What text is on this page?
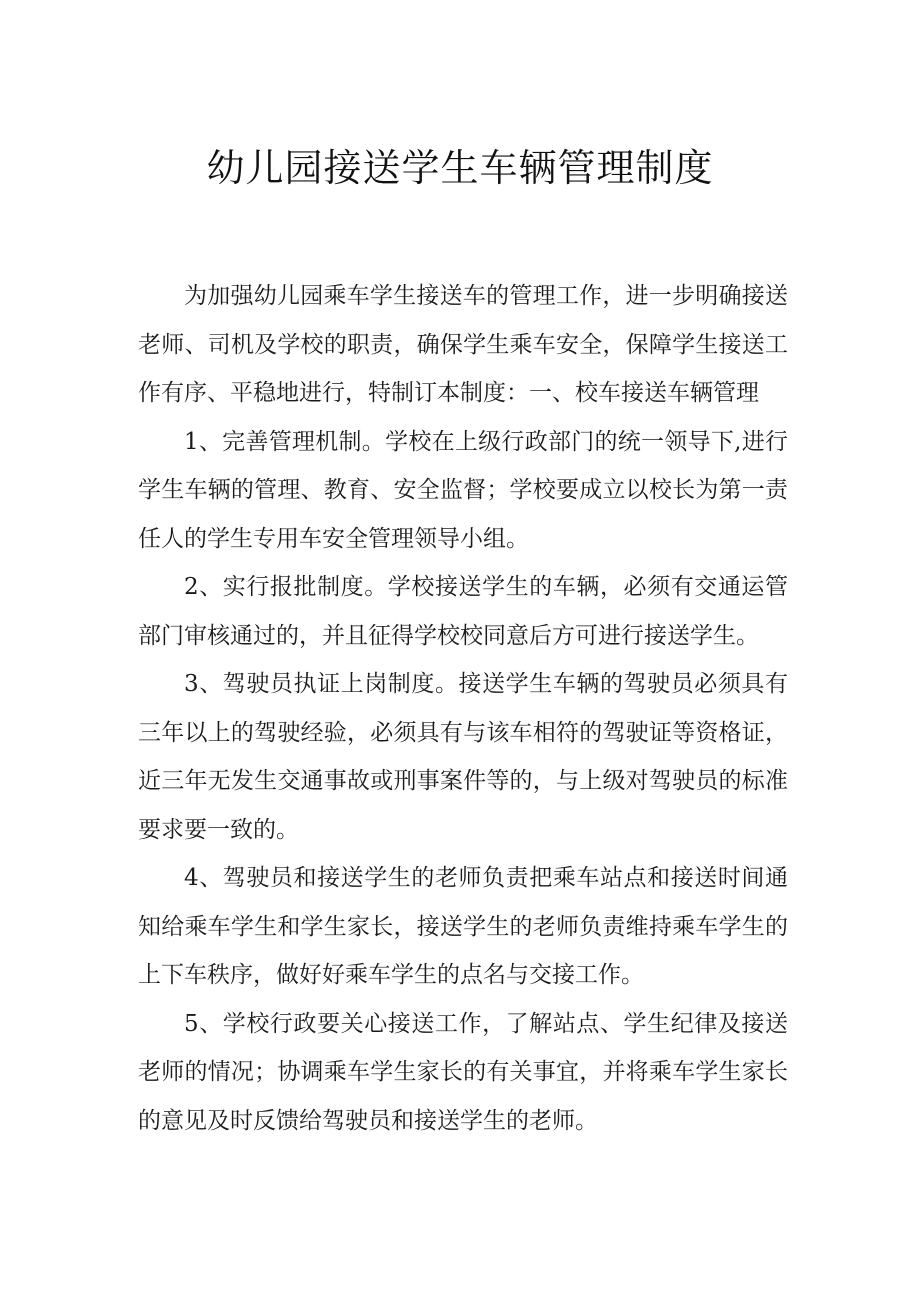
幼儿园接送学生车辆管理制度

为加强幼儿园乘车学生接送车的管理工作，进一步明确接送老师、司机及学校的职责，确保学生乘车安全，保障学生接送工作有序、平稳地进行，特制订本制度：一、校车接送车辆管理

1、完善管理机制。学校在上级行政部门的统一领导下,进行学生车辆的管理、教育、安全监督；学校要成立以校长为第一责任人的学生专用车安全管理领导小组。

2、实行报批制度。学校接送学生的车辆，必须有交通运管部门审核通过的，并且征得学校校同意后方可进行接送学生。

3、驾驶员执证上岗制度。接送学生车辆的驾驶员必须具有三年以上的驾驶经验，必须具有与该车相符的驾驶证等资格证，近三年无发生交通事故或刑事案件等的，与上级对驾驶员的标准要求要一致的。

4、驾驶员和接送学生的老师负责把乘车站点和接送时间通知给乘车学生和学生家长，接送学生的老师负责维持乘车学生的上下车秩序，做好好乘车学生的点名与交接工作。

5、学校行政要关心接送工作，了解站点、学生纪律及接送老师的情况；协调乘车学生家长的有关事宜，并将乘车学生家长的意见及时反馈给驾驶员和接送学生的老师。
